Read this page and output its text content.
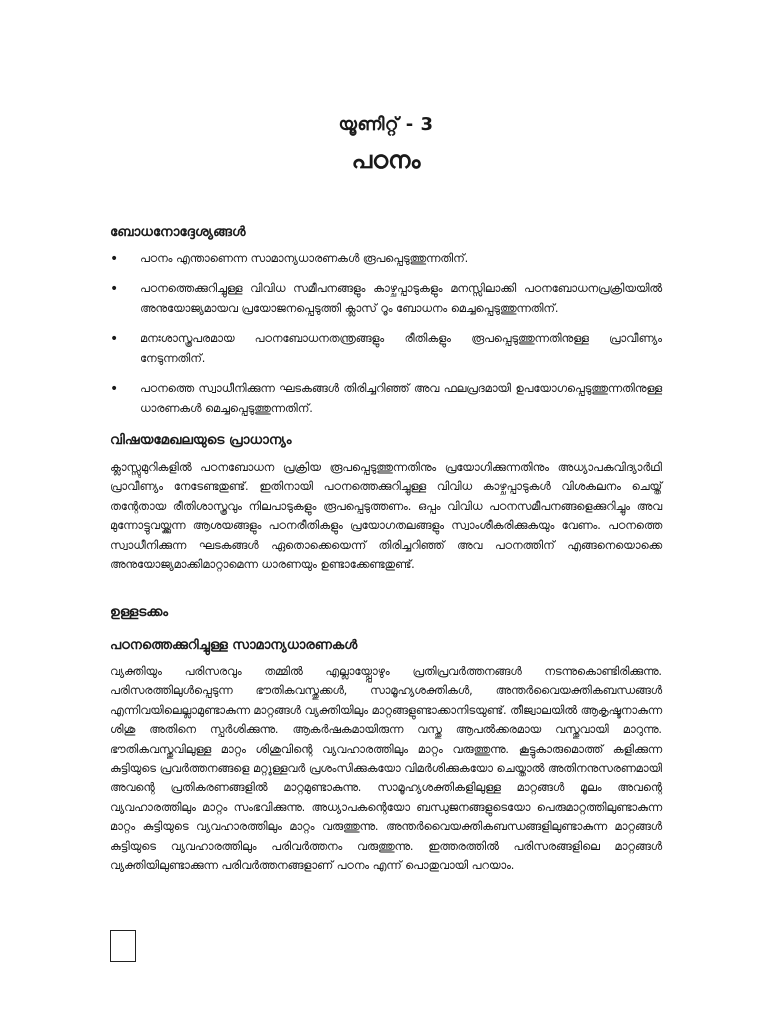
യൂണിറ്റ് - 3
പഠനം
ബോധനോദ്ദേശ്യങ്ങൾ
• പഠനം എന്താണെന്ന സാമാന്യധാരണകൾ രൂപപ്പെടുത്തുന്നതിന്.
• പഠനത്തെക്കുറിച്ചുള്ള വിവിധ സമീപനങ്ങളും കാഴ്ചപ്പാടുകളും മനസ്സിലാക്കി പഠനബോധനപ്രക്രിയയിൽ അനുയോജ്യമായവ പ്രയോജനപ്പെടുത്തി ക്ലാസ് റൂം ബോധനം മെച്ചപ്പെടുത്തുന്നതിന്.
• മനഃശാസ്ത്രപരമായ പഠനബോധനതന്ത്രങ്ങളും രീതികളും രൂപപ്പെടുത്തുന്നതിനുള്ള പ്രാവീണ്യം നേടുന്നതിന്.
• പഠനത്തെ സ്വാധീനിക്കുന്ന ഘടകങ്ങൾ തിരിച്ചറിഞ്ഞ് അവ ഫലപ്രദമായി ഉപയോഗപ്പെടുത്തുന്നതിനുള്ള ധാരണകൾ മെച്ചപ്പെടുത്തുന്നതിന്.
വിഷയമേഖലയുടെ പ്രാധാന്യം

ക്ലാസ്സുമുറികളിൽ പഠനബോധന പ്രക്രിയ രൂപപ്പെടുത്തുന്നതിനും പ്രയോഗിക്കുന്നതിനും അധ്യാപകവിദ്യാർഥി പ്രാവീണ്യം നേടേണ്ടതുണ്ട്. ഇതിനായി പഠനത്തെക്കുറിച്ചുള്ള വിവിധ കാഴ്ചപ്പാടുകൾ വിശകലനം ചെയ്ത് തന്റേതായ രീതിശാസ്ത്രവും നിലപാടുകളും രൂപപ്പെടുത്തണം. ഒപ്പം വിവിധ പഠനസമീപനങ്ങളെക്കുറിച്ചും അവ മുന്നോട്ടുവയ്ക്കുന്ന ആശയങ്ങളും പഠനരീതികളും പ്രയോഗതലങ്ങളും സ്വാംശീകരിക്കുകയും വേണം. പഠനത്തെ സ്വാധീനിക്കുന്ന ഘടകങ്ങൾ ഏതൊക്കെയെന്ന് തിരിച്ചറിഞ്ഞ് അവ പഠനത്തിന് എങ്ങനെയൊക്കെ അനുയോജ്യമാക്കിമാറ്റാമെന്ന ധാരണയും ഉണ്ടാക്കേണ്ടതുണ്ട്.

ഉള്ളടക്കം
പഠനത്തെക്കുറിച്ചുള്ള സാമാന്യധാരണകൾ

വ്യക്തിയും പരിസരവും തമ്മിൽ എല്ലായ്പ്പോഴും പ്രതിപ്രവർത്തനങ്ങൾ നടന്നുകൊണ്ടിരിക്കുന്നു. പരിസരത്തിലുൾപ്പെടുന്ന ഭൗതികവസ്തുക്കൾ, സാമൂഹ്യശക്തികൾ, അന്തർവൈയക്തികബന്ധങ്ങൾ എന്നിവയിലെല്ലാമുണ്ടാകുന്ന മാറ്റങ്ങൾ വ്യക്തിയിലും മാറ്റങ്ങളുണ്ടാക്കാനിടയുണ്ട്. തീജ്വാലയിൽ ആകൃഷ്ടനാകുന്ന ശിശു അതിനെ സ്പർശിക്കുന്നു. ആകർഷകമായിരുന്ന വസ്തു ആപൽക്കരമായ വസ്തുവായി മാറുന്നു. ഭൗതികവസ്തുവിലുള്ള മാറ്റം ശിശുവിന്റെ വ്യവഹാരത്തിലും മാറ്റം വരുത്തുന്നു. കൂട്ടുകാരുമൊത്ത് കളിക്കുന്ന കുട്ടിയുടെ പ്രവർത്തനങ്ങളെ മറ്റുള്ളവർ പ്രശംസിക്കുകയോ വിമർശിക്കുകയോ ചെയ്താൽ അതിനനുസരണമായി അവന്റെ പ്രതികരണങ്ങളിൽ മാറ്റമുണ്ടാകുന്നു. സാമൂഹ്യശക്തികളിലുള്ള മാറ്റങ്ങൾ മൂലം അവന്റെ വ്യവഹാരത്തിലും മാറ്റം സംഭവിക്കുന്നു. അധ്യാപകന്റെയോ ബന്ധുജനങ്ങളുടെയോ പെരുമാറ്റത്തിലുണ്ടാകുന്ന മാറ്റം കുട്ടിയുടെ വ്യവഹാരത്തിലും മാറ്റം വരുത്തുന്നു. അന്തർവൈയക്തികബന്ധങ്ങളിലുണ്ടാകുന്ന മാറ്റങ്ങൾ കുട്ടിയുടെ വ്യവഹാരത്തിലും പരിവർത്തനം വരുത്തുന്നു. ഇത്തരത്തിൽ പരിസരങ്ങളിലെ മാറ്റങ്ങൾ വ്യക്തിയിലുണ്ടാക്കുന്ന പരിവർത്തനങ്ങളാണ് പഠനം എന്ന് പൊതുവായി പറയാം.
